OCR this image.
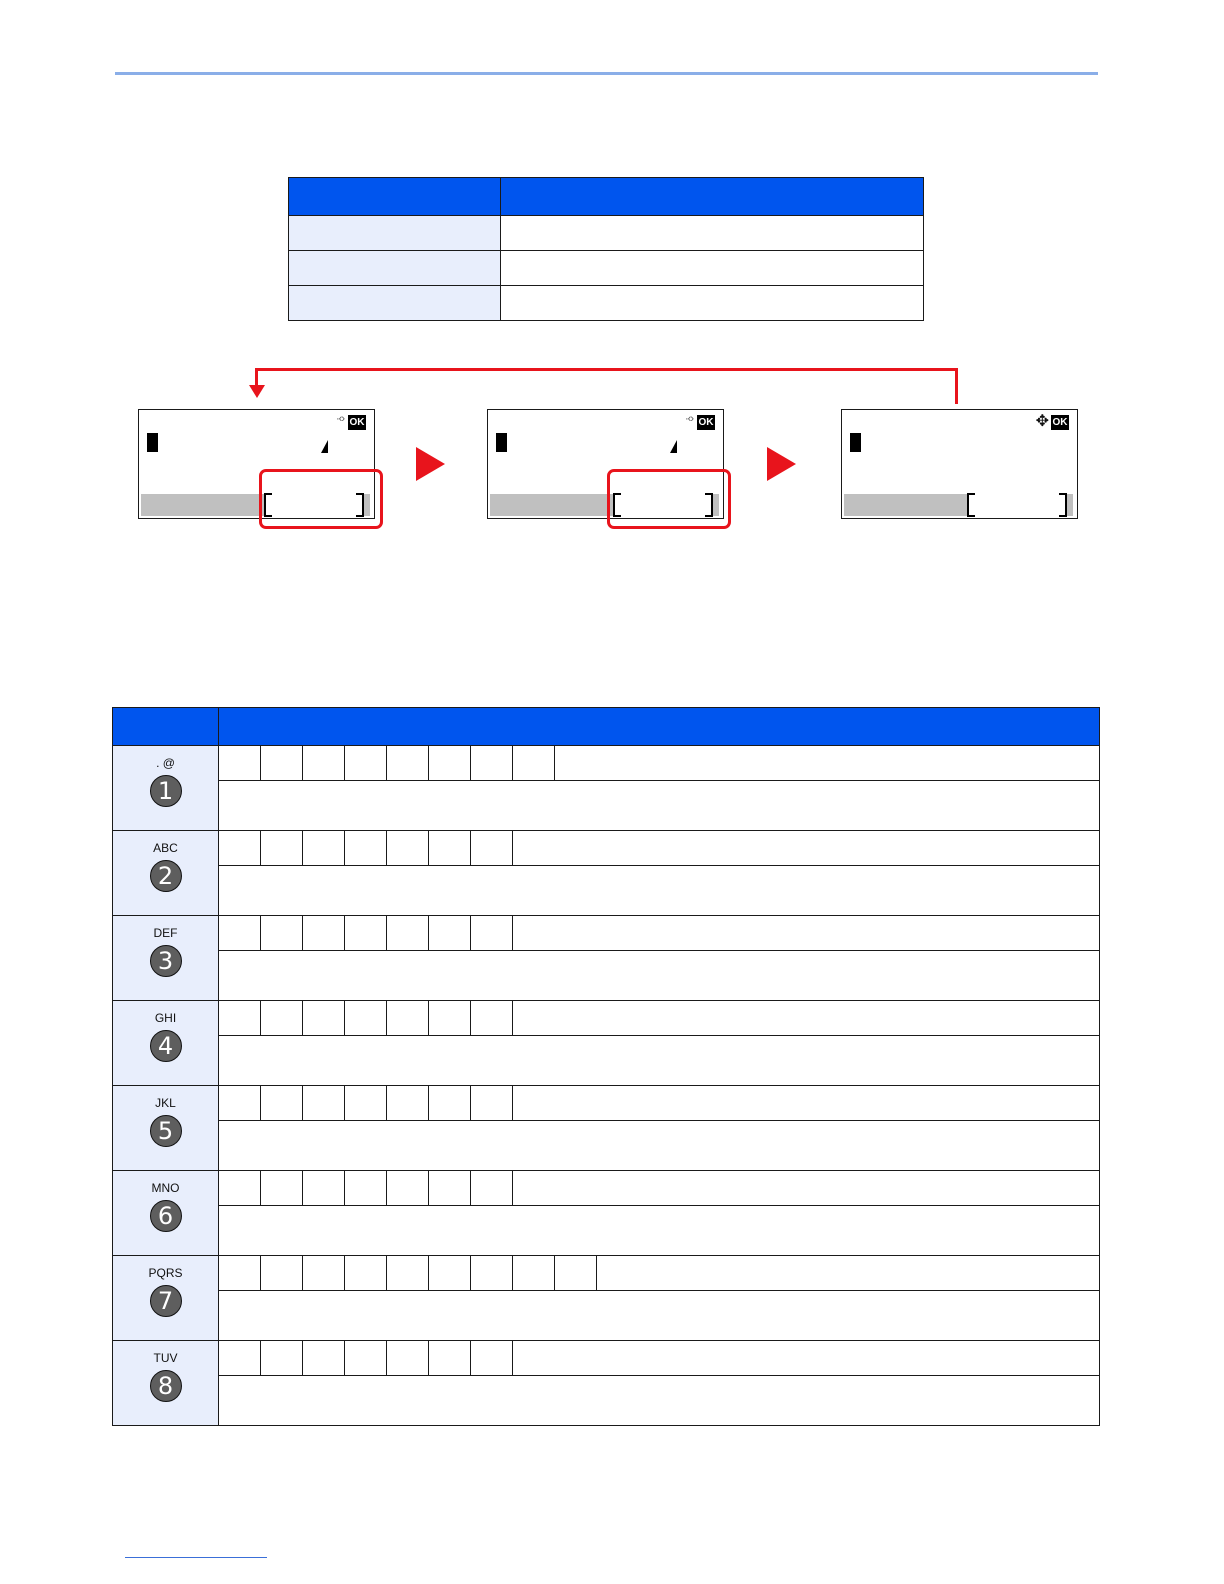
·‹› OK	·‹› OK	✥ OK

. @
1	

ABC
2	

DEF
3	

GHI
4	

JKL
5	

MNO
6	

PQRS
7	

TUV
8	
